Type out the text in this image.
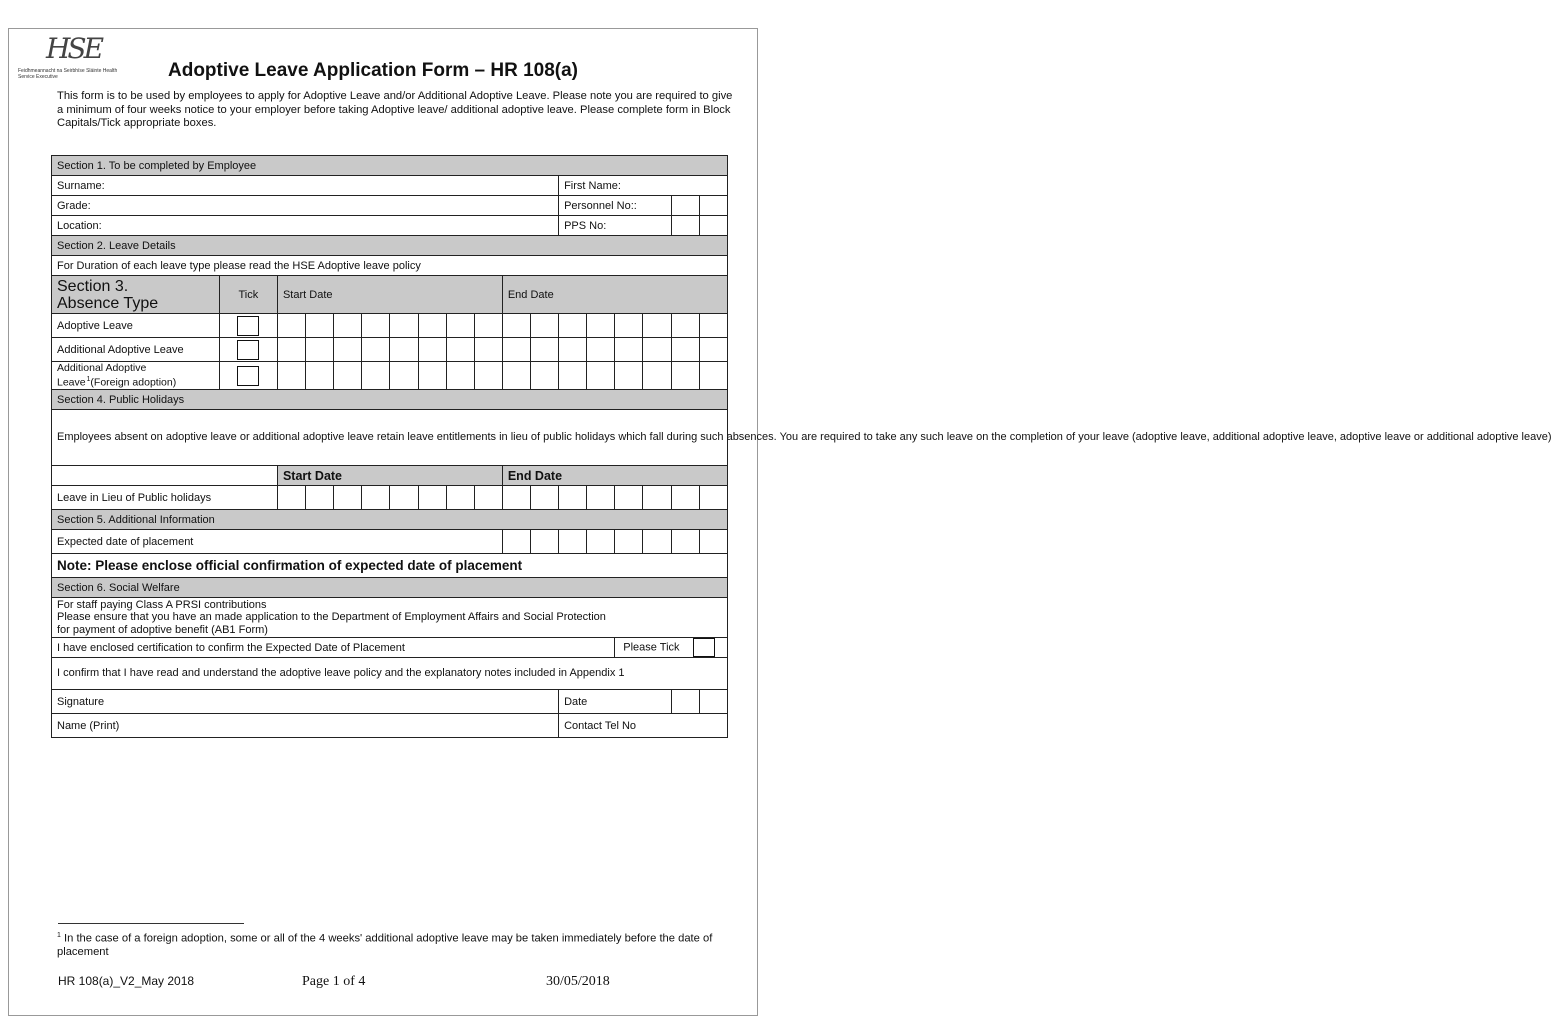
HSE
Feidhmeannacht na Seirbhíse Sláinte Health Service Executive	Adoptive Leave Application Form – HR 108(a)
This form is to be used by employees to apply for Adoptive Leave and/or Additional Adoptive Leave. Please note you are required to give a minimum of four weeks notice to your employer before taking Adoptive leave/ additional adoptive leave. Please complete form in Block Capitals/Tick appropriate boxes.
Section 1. To be completed by Employee																	
Surname:												First Name:					
Grade:												Personnel No::					
Location:												PPS No:					
Section 2. Leave Details																	
For Duration of each leave type please read the HSE Adoptive leave policy																	

Section 3.
Absence Type	Tick	Start Date								End Date							
Adoptive Leave																	
Additional Adoptive Leave																	

Additional Adoptive
Leave $^1$(Foreign adoption)																	

Section 4. Public Holidays																	
Employees absent on adoptive leave or additional adoptive leave retain leave entitlements in lieu of public holidays which fall during such absences. You are required to take any such leave on the completion of your leave (adoptive leave, additional adoptive leave, adoptive leave or additional adoptive leave)																	
		Start Date								End Date							
Leave in Lieu of Public holidays																	
Section 5. Additional Information																	
Expected date of placement																	
Note: Please enclose official confirmation of expected date of placement																	
Section 6. Social Welfare																	

For staff paying Class A PRSI contributions
Please ensure that you have an made application to the Department of Employment Affairs and Social Protection
for payment of adoptive benefit (AB1 Form)																	

I have enclosed certification to confirm the Expected Date of Placement														Please Tick			
I confirm that I have read and understand the adoptive leave policy and the explanatory notes included in Appendix 1																	
Signature												Date					
Name (Print)												Contact Tel No					
$^1$ In the case of a foreign adoption, some or all of the 4 weeks' additional adoptive leave may be taken immediately before the date of placement
HR 108(a)_V2_May 2018	Page 1 of 4	30/05/2018
